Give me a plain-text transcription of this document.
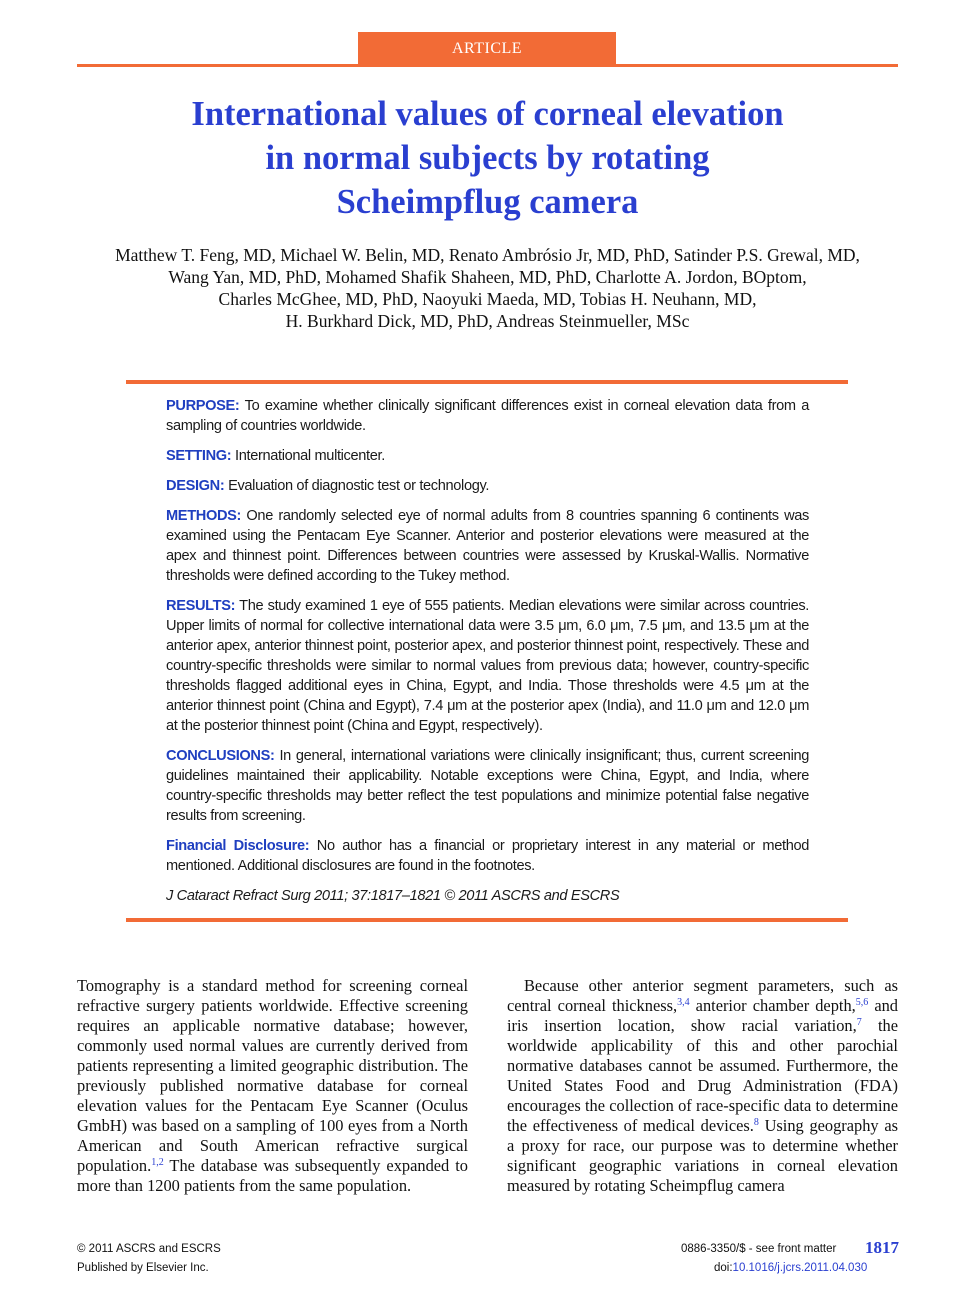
ARTICLE
International values of corneal elevation
in normal subjects by rotating
Scheimpflug camera
Matthew T. Feng, MD, Michael W. Belin, MD, Renato Ambrósio Jr, MD, PhD, Satinder P.S. Grewal, MD,
Wang Yan, MD, PhD, Mohamed Shafik Shaheen, MD, PhD, Charlotte A. Jordon, BOptom,
Charles McGhee, MD, PhD, Naoyuki Maeda, MD, Tobias H. Neuhann, MD,
H. Burkhard Dick, MD, PhD, Andreas Steinmueller, MSc

PURPOSE: To examine whether clinically significant differences exist in corneal elevation data from a sampling of countries worldwide.

SETTING: International multicenter.

DESIGN: Evaluation of diagnostic test or technology.

METHODS: One randomly selected eye of normal adults from 8 countries spanning 6 continents was examined using the Pentacam Eye Scanner. Anterior and posterior elevations were measured at the apex and thinnest point. Differences between countries were assessed by Kruskal-Wallis. Normative thresholds were defined according to the Tukey method.

RESULTS: The study examined 1 eye of 555 patients. Median elevations were similar across countries. Upper limits of normal for collective international data were 3.5 μm, 6.0 μm, 7.5 μm, and 13.5 μm at the anterior apex, anterior thinnest point, posterior apex, and posterior thinnest point, respectively. These and country-specific thresholds were similar to normal values from previous data; however, country-specific thresholds flagged additional eyes in China, Egypt, and India. Those thresholds were 4.5 μm at the anterior thinnest point (China and Egypt), 7.4 μm at the posterior apex (India), and 11.0 μm and 12.0 μm at the posterior thinnest point (China and Egypt, respectively).

CONCLUSIONS: In general, international variations were clinically insignificant; thus, current screening guidelines maintained their applicability. Notable exceptions were China, Egypt, and India, where country-specific thresholds may better reflect the test populations and minimize potential false negative results from screening.

Financial Disclosure: No author has a financial or proprietary interest in any material or method mentioned. Additional disclosures are found in the footnotes.

J Cataract Refract Surg 2011; 37:1817–1821 © 2011 ASCRS and ESCRS

Tomography is a standard method for screening corneal refractive surgery patients worldwide. Effective screening requires an applicable normative database; however, commonly used normal values are currently derived from patients representing a limited geographic distribution. The previously published normative database for corneal elevation values for the Pentacam Eye Scanner (Oculus GmbH) was based on a sampling of 100 eyes from a North American and South American refractive surgical population.$^{1,2}$ The database was subsequently expanded to more than 1200 patients from the same population.

Because other anterior segment parameters, such as central corneal thickness,$^{3,4}$ anterior chamber depth,$^{5,6}$ and iris insertion location, show racial variation,$^7$ the worldwide applicability of this and other parochial normative databases cannot be assumed. Furthermore, the United States Food and Drug Administration (FDA) encourages the collection of race-specific data to determine the effectiveness of medical devices.$^8$ Using geography as a proxy for race, our purpose was to determine whether significant geographic variations in corneal elevation measured by rotating Scheimpflug camera

© 2011 ASCRS and ESCRS
Published by Elsevier Inc.
0886-3350/$ - see front matter 1817
doi:10.1016/j.jcrs.2011.04.030
